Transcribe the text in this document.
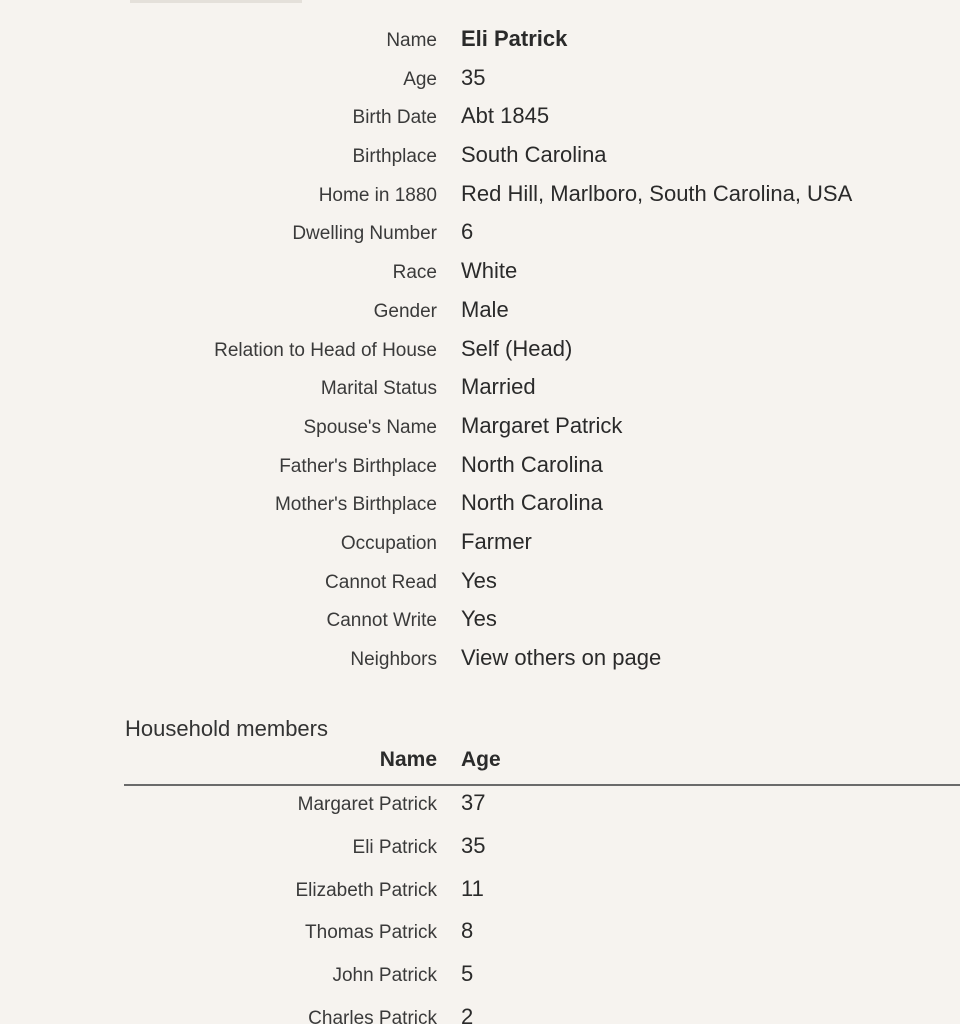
Name Eli Patrick
Age 35
Birth Date Abt 1845
Birthplace South Carolina
Home in 1880 Red Hill, Marlboro, South Carolina, USA
Dwelling Number 6
Race White
Gender Male
Relation to Head of House Self (Head)
Marital Status Married
Spouse's Name Margaret Patrick
Father's Birthplace North Carolina
Mother's Birthplace North Carolina
Occupation Farmer
Cannot Read Yes
Cannot Write Yes
Neighbors View others on page
Household members
Name Age
Margaret Patrick 37
Eli Patrick 35
Elizabeth Patrick 11
Thomas Patrick 8
John Patrick 5
Charles Patrick 2
